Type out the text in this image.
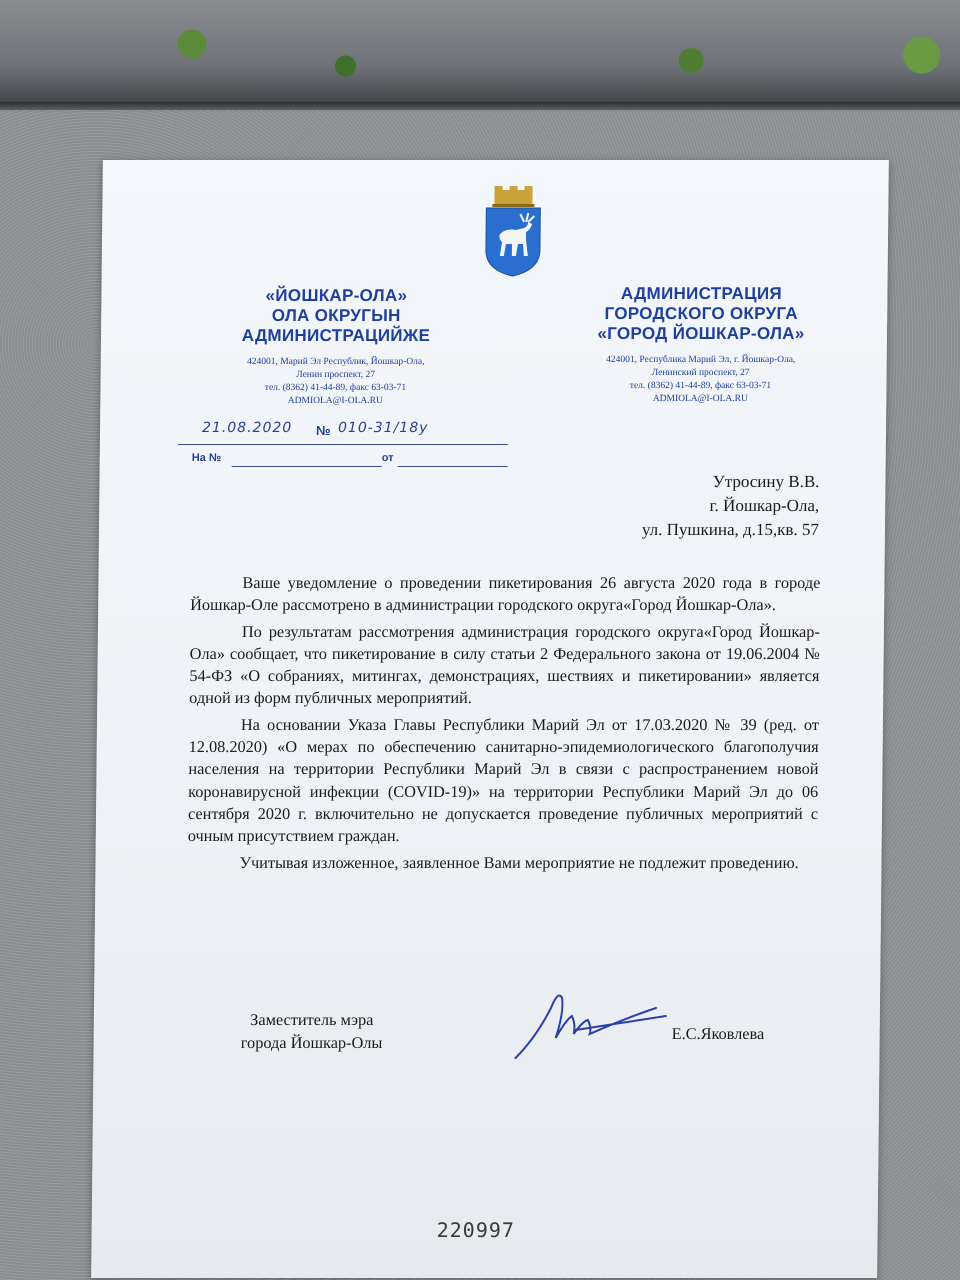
«ЙОШКАР-ОЛА»
ОЛА ОКРУГЫН
АДМИНИСТРАЦИЙЖЕ
424001, Марий Эл Республик, Йошкар-Ола,
Ленин проспект, 27
тел. (8362) 41-44-89, факс 63-03-71
ADMIOLA@I-OLA.RU
АДМИНИСТРАЦИЯ
ГОРОДСКОГО ОКРУГА
«ГОРОД ЙОШКАР-ОЛА»
424001, Республика Марий Эл, г. Йошкар-Ола,
Ленинский проспект, 27
тел. (8362) 41-44-89, факс 63-03-71
ADMIOLA@I-OLA.RU
21.08.2020 № 010-31/18у
На №	от
Утросину В.В.
г. Йошкар-Ола,
ул. Пушкина, д.15,кв. 57

Ваше уведомление о проведении пикетирования 26 августа 2020 года в городе Йошкар-Оле рассмотрено в администрации городского округа«Город Йошкар-Ола».

По результатам рассмотрения администрация городского округа«Город Йошкар-Ола» сообщает, что пикетирование в силу статьи 2 Федерального закона от 19.06.2004 № 54-ФЗ «О собраниях, митингах, демонстрациях, шествиях и пикетировании» является одной из форм публичных мероприятий.

На основании Указа Главы Республики Марий Эл от 17.03.2020 № 39 (ред. от 12.08.2020) «О мерах по обеспечению санитарно-эпидемиологического благополучия населения на территории Республики Марий Эл в связи с распространением новой коронавирусной инфекции (COVID-19)» на территории Республики Марий Эл до 06 сентября 2020 г. включительно не допускается проведение публичных мероприятий с очным присутствием граждан.

Учитывая изложенное, заявленное Вами мероприятие не подлежит проведению.

Заместитель мэра
города Йошкар-Олы	Е.С.Яковлева
220997
